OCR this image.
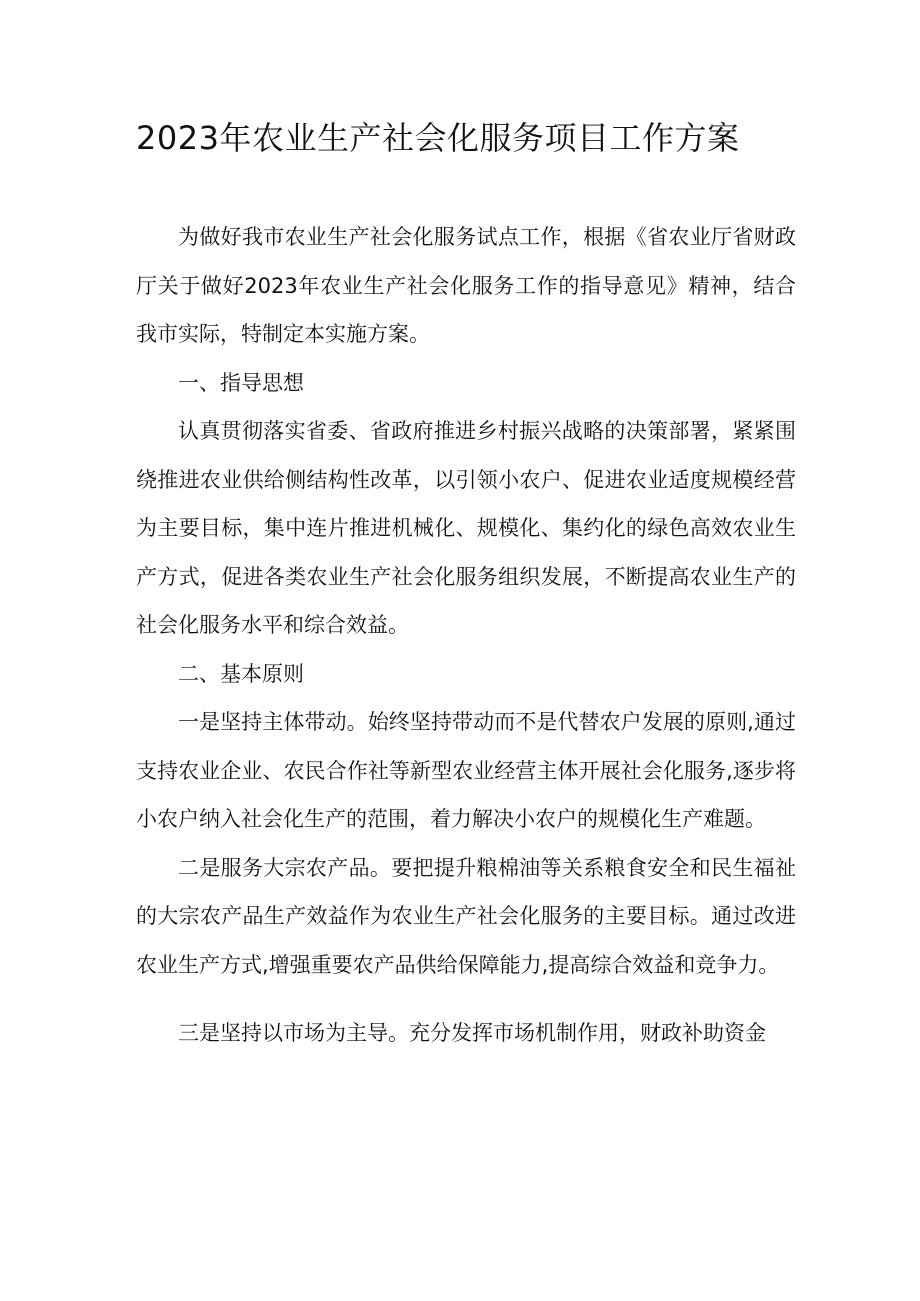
2023年农业生产社会化服务项目工作方案

为做好我市农业生产社会化服务试点工作，根据《省农业厅省财政厅关于做好2023年农业生产社会化服务工作的指导意见》精神，结合我市实际，特制定本实施方案。

一、指导思想

认真贯彻落实省委、省政府推进乡村振兴战略的决策部署，紧紧围绕推进农业供给侧结构性改革，以引领小农户、促进农业适度规模经营为主要目标，集中连片推进机械化、规模化、集约化的绿色高效农业生产方式，促进各类农业生产社会化服务组织发展，不断提高农业生产的社会化服务水平和综合效益。

二、基本原则

一是坚持主体带动。始终坚持带动而不是代替农户发展的原则,通过支持农业企业、农民合作社等新型农业经营主体开展社会化服务,逐步将小农户纳入社会化生产的范围，着力解决小农户的规模化生产难题。

二是服务大宗农产品。要把提升粮棉油等关系粮食安全和民生福祉的大宗农产品生产效益作为农业生产社会化服务的主要目标。通过改进农业生产方式,增强重要农产品供给保障能力,提高综合效益和竞争力。

三是坚持以市场为主导。充分发挥市场机制作用，财政补助资金
